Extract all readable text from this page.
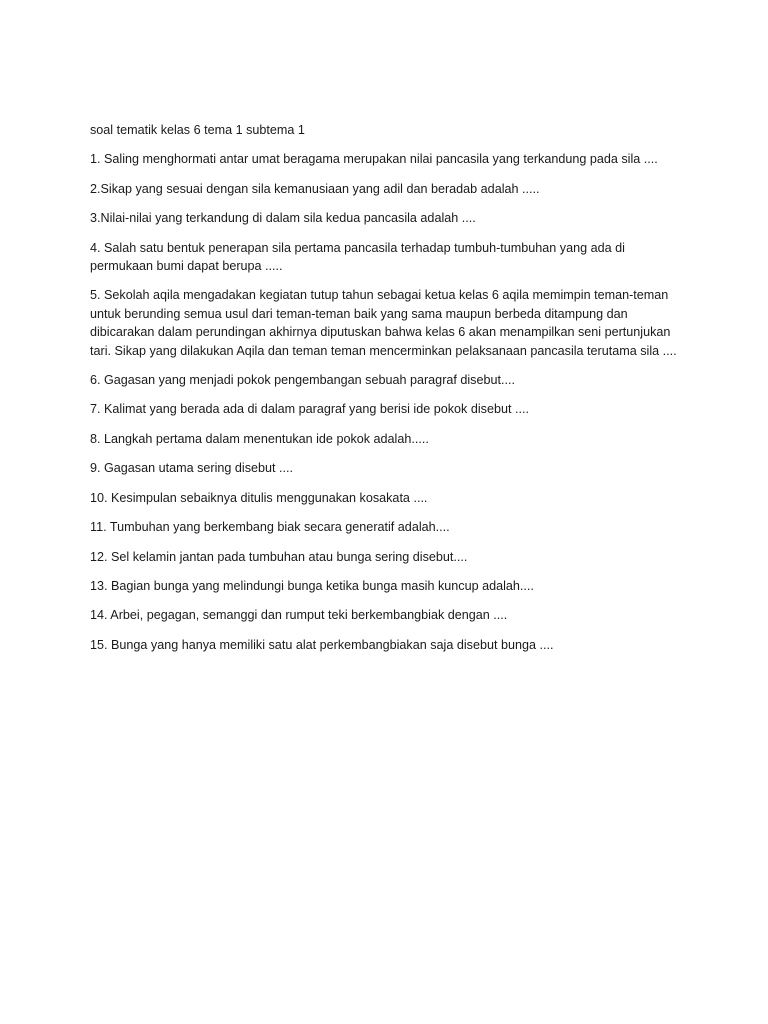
soal tematik kelas 6 tema 1 subtema 1

1. Saling menghormati antar umat beragama merupakan nilai pancasila yang terkandung pada sila ....

2.Sikap yang sesuai dengan sila kemanusiaan yang adil dan beradab adalah .....

3.Nilai-nilai yang terkandung di dalam sila kedua pancasila adalah ....

4. Salah satu bentuk penerapan sila pertama pancasila terhadap tumbuh-tumbuhan yang ada di permukaan bumi dapat berupa .....

5. Sekolah aqila mengadakan kegiatan tutup tahun sebagai ketua kelas 6 aqila memimpin teman-teman untuk berunding semua usul dari teman-teman baik yang sama maupun berbeda ditampung dan dibicarakan dalam perundingan akhirnya diputuskan bahwa kelas 6 akan menampilkan seni pertunjukan tari. Sikap yang dilakukan Aqila dan teman teman mencerminkan pelaksanaan pancasila terutama sila ....

6. Gagasan yang menjadi pokok pengembangan sebuah paragraf disebut....

7. Kalimat yang berada ada di dalam paragraf yang berisi ide pokok disebut ....

8. Langkah pertama dalam menentukan ide pokok adalah.....

9. Gagasan utama sering disebut ....

10. Kesimpulan sebaiknya ditulis menggunakan kosakata ....

11. Tumbuhan yang berkembang biak secara generatif adalah....

12. Sel kelamin jantan pada tumbuhan atau bunga sering disebut....

13. Bagian bunga yang melindungi bunga ketika bunga masih kuncup adalah....

14. Arbei, pegagan, semanggi dan rumput teki berkembangbiak dengan ....

15. Bunga yang hanya memiliki satu alat perkembangbiakan saja disebut bunga ....
